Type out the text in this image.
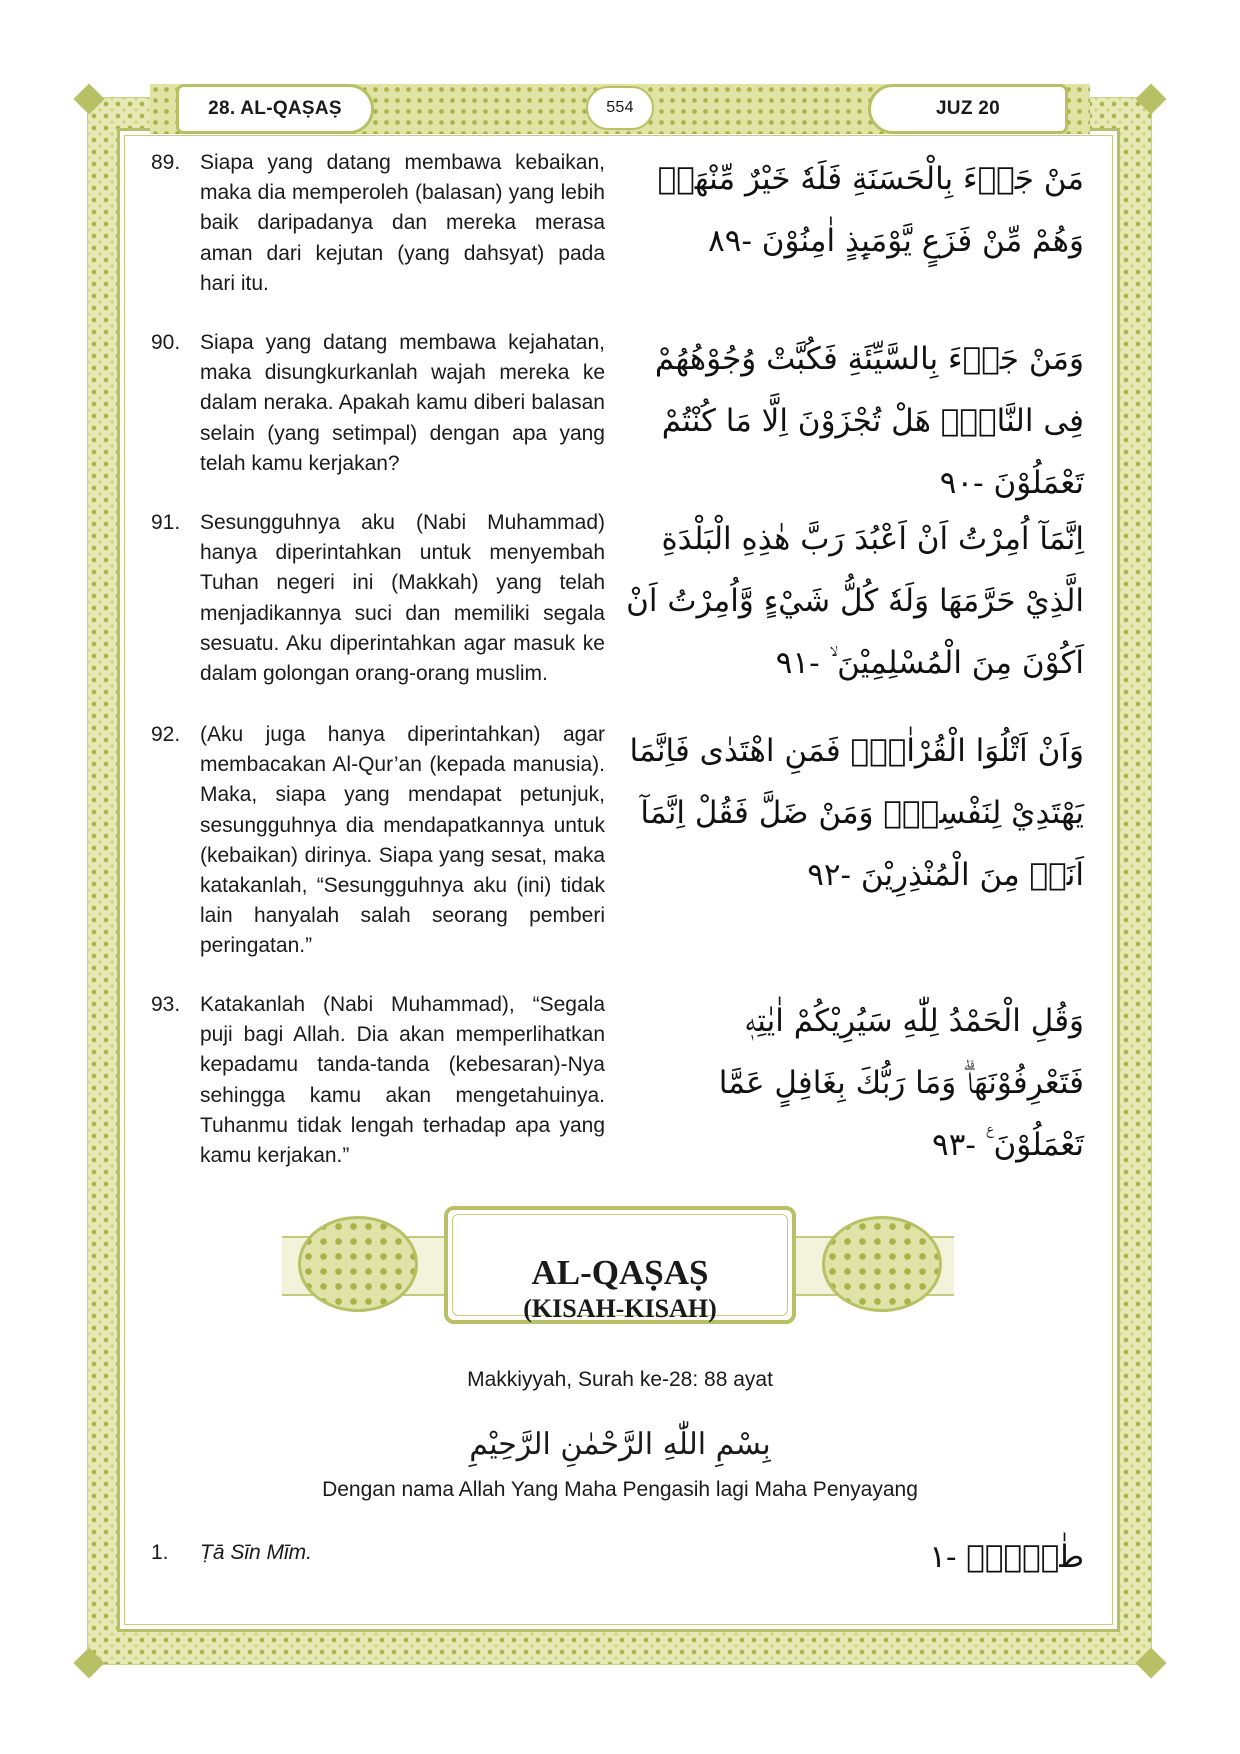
28. AL-QAṢAṢ	554	JUZ 20
89. Siapa yang datang membawa kebaikan, maka dia memperoleh (balasan) yang lebih baik daripadanya dan mereka merasa aman dari kejutan (yang dahsyat) pada hari itu.
مَنْ جَاۤءَ بِالْحَسَنَةِ فَلَهٗ خَيْرٌ مِّنْهَاۚ وَهُمْ مِّنْ فَزَعٍ يَّوْمَىِٕذٍ اٰمِنُوْنَ -٨٩
90. Siapa yang datang membawa kejahatan, maka disungkurkanlah wajah mereka ke dalam neraka. Apakah kamu diberi balasan selain (yang setimpal) dengan apa yang telah kamu kerjakan?
وَمَنْ جَاۤءَ بِالسَّيِّئَةِ فَكُبَّتْ وُجُوْهُهُمْ فِى النَّارِۗ هَلْ تُجْزَوْنَ اِلَّا مَا كُنْتُمْ تَعْمَلُوْنَ -٩٠
91. Sesungguhnya aku (Nabi Muhammad) hanya diperintahkan untuk menyembah Tuhan negeri ini (Makkah) yang telah menjadikannya suci dan memiliki segala sesuatu. Aku diperintahkan agar masuk ke dalam golongan orang-orang muslim.
اِنَّمَآ اُمِرْتُ اَنْ اَعْبُدَ رَبَّ هٰذِهِ الْبَلْدَةِ الَّذِيْ حَرَّمَهَا وَلَهٗ كُلُّ شَيْءٍ وَّاُمِرْتُ اَنْ اَكُوْنَ مِنَ الْمُسْلِمِيْنَ ۙ -٩١
92. (Aku juga hanya diperintahkan) agar membacakan Al-Qur’an (kepada manusia). Maka, siapa yang mendapat petunjuk, sesungguhnya dia mendapatkannya untuk (kebaikan) dirinya. Siapa yang sesat, maka katakanlah, “Sesungguhnya aku (ini) tidak lain hanyalah salah seorang pemberi peringatan.”
وَاَنْ اَتْلُوَا الْقُرْاٰنَۚ فَمَنِ اهْتَدٰى فَاِنَّمَا يَهْتَدِيْ لِنَفْسِهٖۚ وَمَنْ ضَلَّ فَقُلْ اِنَّمَآ اَنَا۠ مِنَ الْمُنْذِرِيْنَ -٩٢
93. Katakanlah (Nabi Muhammad), “Segala puji bagi Allah. Dia akan memperlihatkan kepadamu tanda-tanda (kebesaran)-Nya sehingga kamu akan mengetahuinya. Tuhanmu tidak lengah terhadap apa yang kamu kerjakan.”
وَقُلِ الْحَمْدُ لِلّٰهِ سَيُرِيْكُمْ اٰيٰتِهٖ فَتَعْرِفُوْنَهَاۗ وَمَا رَبُّكَ بِغَافِلٍ عَمَّا تَعْمَلُوْنَ ࣖ -٩٣
AL-QAṢAṢ
(KISAH-KISAH)
Makkiyyah, Surah ke-28: 88 ayat
بِسْمِ اللّٰهِ الرَّحْمٰنِ الرَّحِيْمِ
Dengan nama Allah Yang Maha Pengasih lagi Maha Penyayang
1.	Ṭā Sīn Mīm.	طٰسۤمّۤ -١
